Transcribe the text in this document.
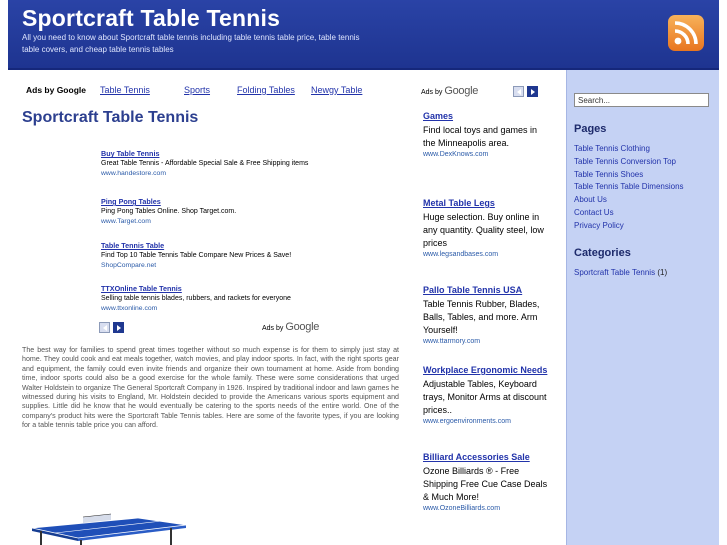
Sportcraft Table Tennis
All you need to know about Sportcraft table tennis including table tennis table price, table tennis table covers, and cheap table tennis tables
Ads by Google Table Tennis	Sports	Folding Tables Newgy Table
Sportcraft Table Tennis
Buy Table Tennis
Great Table Tennis - Affordable Special Sale & Free Shipping items
www.handestore.com
Ping Pong Tables
Ping Pong Tables Online. Shop Target.com.
www.Target.com
Table Tennis Table
Find Top 10 Table Tennis Table Compare New Prices & Save!
ShopCompare.net
TTXOnline Table Tennis
Selling table tennis blades, rubbers, and rackets for everyone
www.ttxonline.com
Ads by Google
The best way for families to spend great times together without so much expense is for them to simply just stay at home. They could cook and eat meals together, watch movies, and play indoor sports. In fact, with the right sports gear and equipment, the family could even invite friends and organize their own tournament at home. Aside from bonding time, indoor sports could also be a good exercise for the whole family. These were some considerations that urged Walter Holdstein to organize The General Sportcraft Company in 1926. Inspired by traditional indoor and lawn games he witnessed during his visits to England, Mr. Holdstein decided to provide the Americans various sports equipment and supplies. Little did he know that he would eventually be catering to the sports needs of the entire world. One of the company's product hits were the Sportcraft Table Tennis tables. Here are some of the favorite types, if you are looking for a table tennis table price you can afford.
Ads by Google
Games
Find local toys and games in the Minneapolis area.
www.DexKnows.com
Metal Table Legs
Huge selection. Buy online in any quantity. Quality steel, low prices
www.legsandbases.com
Pallo Table Tennis USA
Table Tennis Rubber, Blades, Balls, Tables, and more. Arm Yourself!
www.ttarmory.com
Workplace Ergonomic Needs
Adjustable Tables, Keyboard trays, Monitor Arms at discount prices..
www.ergoenvironments.com
Billiard Accessories Sale
Ozone Billiards ® - Free Shipping Free Cue Case Deals & Much More!
www.OzoneBilliards.com
Search...
Pages
Table Tennis Clothing
Table Tennis Conversion Top
Table Tennis Shoes
Table Tennis Table Dimensions
About Us
Contact Us
Privacy Policy
Categories
Sportcraft Table Tennis (1)
